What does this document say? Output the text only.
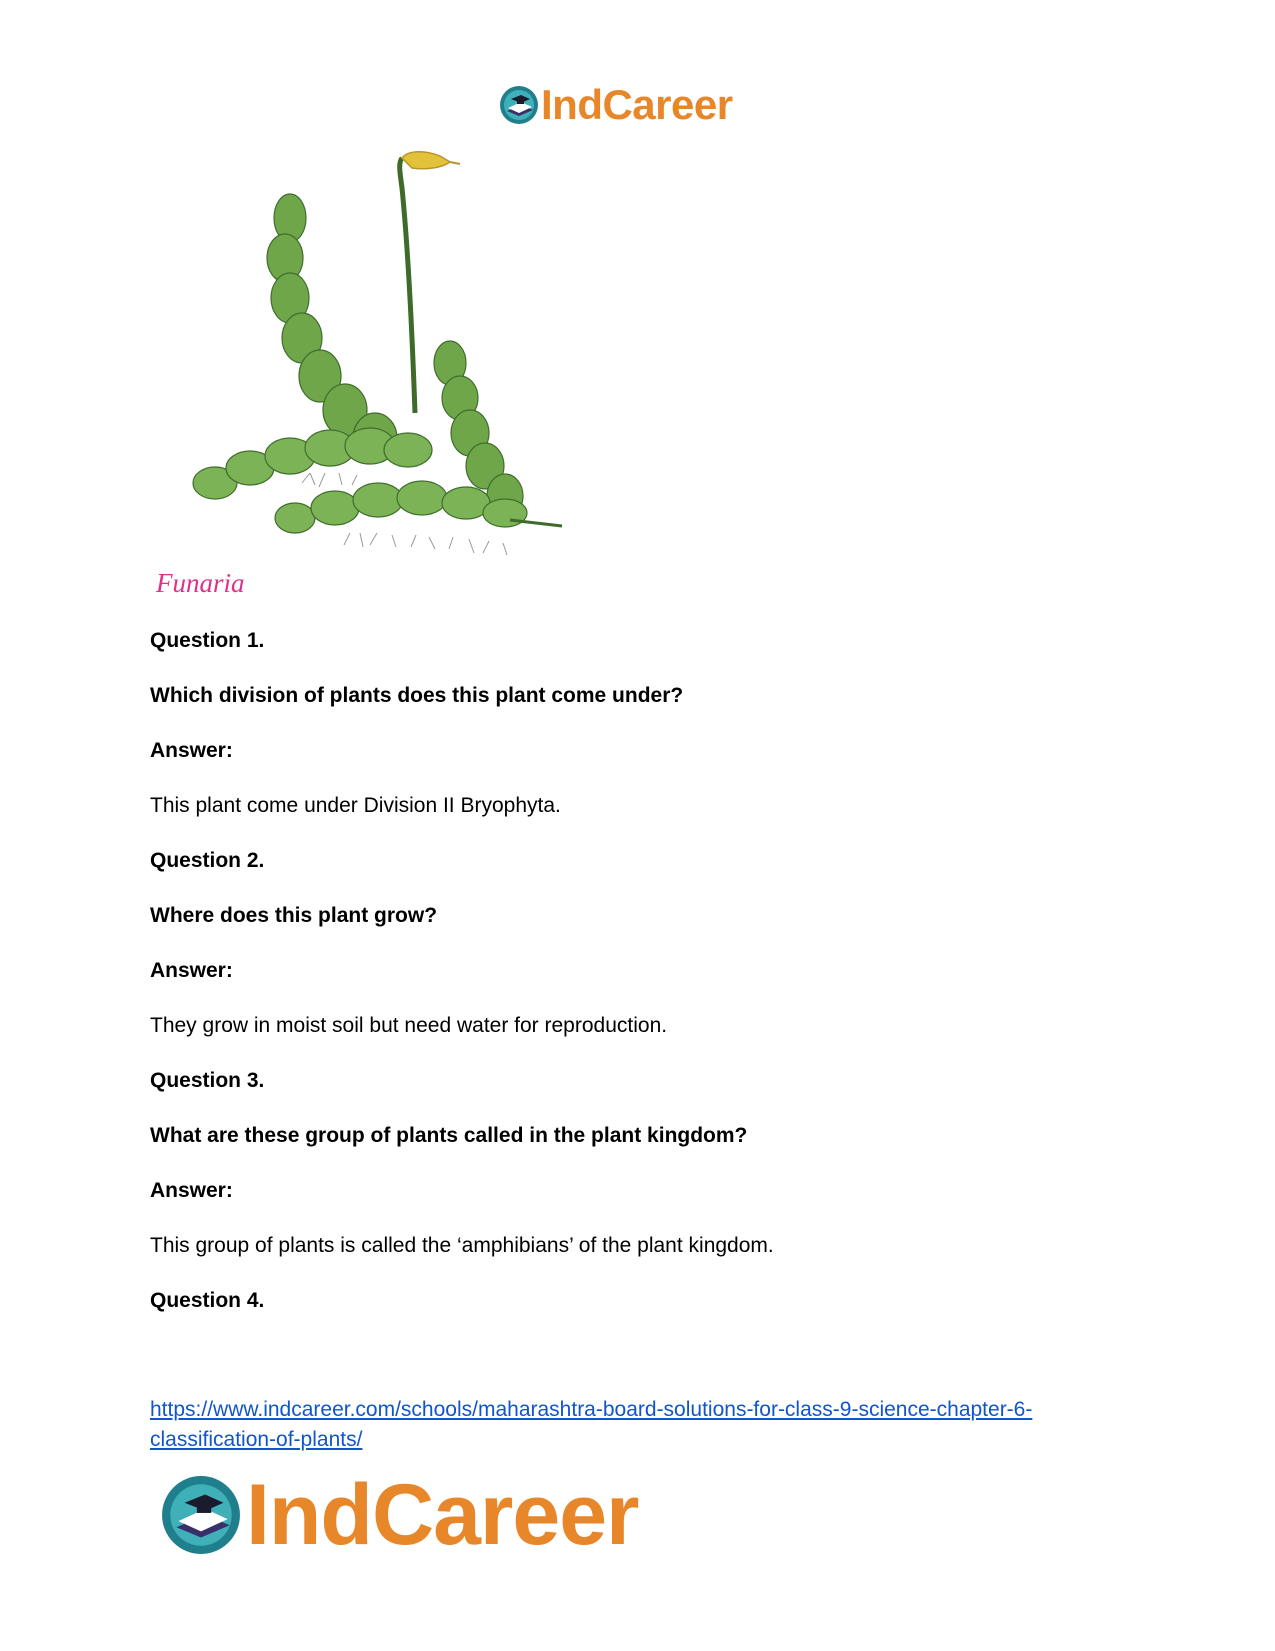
IndCareer
Funaria
Question 1.
Which division of plants does this plant come under?
Answer:
This plant come under Division II Bryophyta.
Question 2.
Where does this plant grow?
Answer:
They grow in moist soil but need water for reproduction.
Question 3.
What are these group of plants called in the plant kingdom?
Answer:
This group of plants is called the ‘amphibians’ of the plant kingdom.
Question 4.
https://www.indcareer.com/schools/maharashtra-board-solutions-for-class-9-science-chapter-6-classification-of-plants/
IndCareer
